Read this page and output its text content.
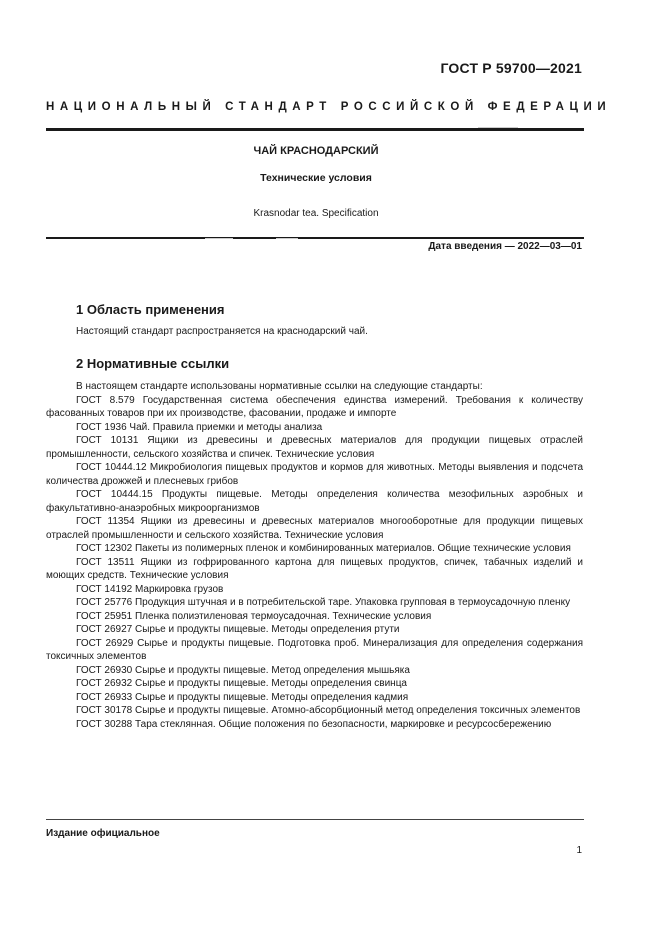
ГОСТ Р 59700—2021
НАЦИОНАЛЬНЫЙ СТАНДАРТ РОССИЙСКОЙ ФЕДЕРАЦИИ
ЧАЙ КРАСНОДАРСКИЙ
Технические условия
Krasnodar tea. Specification
Дата введения — 2022—03—01
1 Область применения
Настоящий стандарт распространяется на краснодарский чай.
2 Нормативные ссылки
В настоящем стандарте использованы нормативные ссылки на следующие стандарты:
ГОСТ 8.579 Государственная система обеспечения единства измерений. Требования к количеству фасованных товаров при их производстве, фасовании, продаже и импорте
ГОСТ 1936 Чай. Правила приемки и методы анализа
ГОСТ 10131 Ящики из древесины и древесных материалов для продукции пищевых отраслей промышленности, сельского хозяйства и спичек. Технические условия
ГОСТ 10444.12 Микробиология пищевых продуктов и кормов для животных. Методы выявления и подсчета количества дрожжей и плесневых грибов
ГОСТ 10444.15 Продукты пищевые. Методы определения количества мезофильных аэробных и факультативно-анаэробных микроорганизмов
ГОСТ 11354 Ящики из древесины и древесных материалов многооборотные для продукции пищевых отраслей промышленности и сельского хозяйства. Технические условия
ГОСТ 12302 Пакеты из полимерных пленок и комбинированных материалов. Общие технические условия
ГОСТ 13511 Ящики из гофрированного картона для пищевых продуктов, спичек, табачных изделий и моющих средств. Технические условия
ГОСТ 14192 Маркировка грузов
ГОСТ 25776 Продукция штучная и в потребительской таре. Упаковка групповая в термоусадочную пленку
ГОСТ 25951 Пленка полиэтиленовая термоусадочная. Технические условия
ГОСТ 26927 Сырье и продукты пищевые. Методы определения ртути
ГОСТ 26929 Сырье и продукты пищевые. Подготовка проб. Минерализация для определения содержания токсичных элементов
ГОСТ 26930 Сырье и продукты пищевые. Метод определения мышьяка
ГОСТ 26932 Сырье и продукты пищевые. Методы определения свинца
ГОСТ 26933 Сырье и продукты пищевые. Методы определения кадмия
ГОСТ 30178 Сырье и продукты пищевые. Атомно-абсорбционный метод определения токсичных элементов
ГОСТ 30288 Тара стеклянная. Общие положения по безопасности, маркировке и ресурсосбережению
Издание официальное
1
